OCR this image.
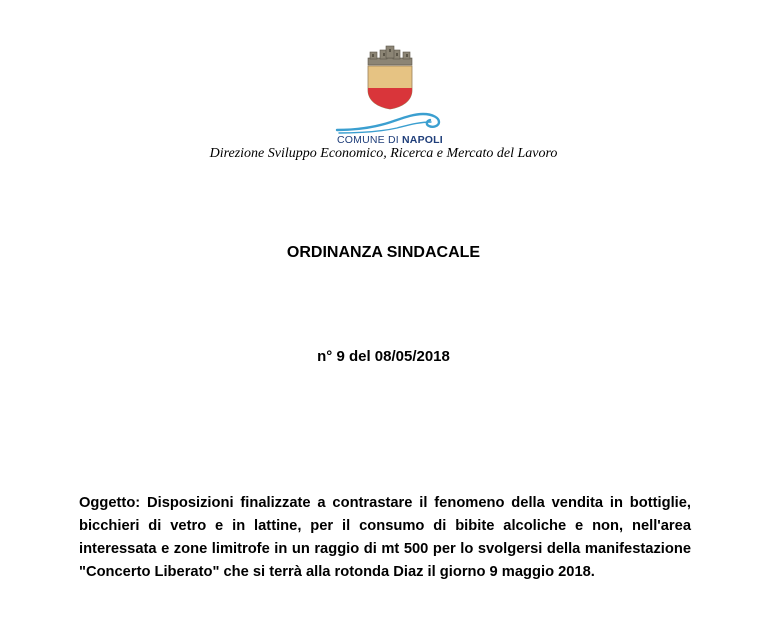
COMUNE DI NAPOLI
Direzione Sviluppo Economico, Ricerca e Mercato del Lavoro
ORDINANZA SINDACALE
n° 9 del 08/05/2018
Oggetto: Disposizioni finalizzate a contrastare il fenomeno della vendita in bottiglie, bicchieri di vetro e in lattine, per il consumo di bibite alcoliche e non, nell'area interessata e zone limitrofe in un raggio di mt 500 per lo svolgersi della manifestazione "Concerto Liberato" che si terrà alla rotonda Diaz il giorno 9 maggio 2018.
